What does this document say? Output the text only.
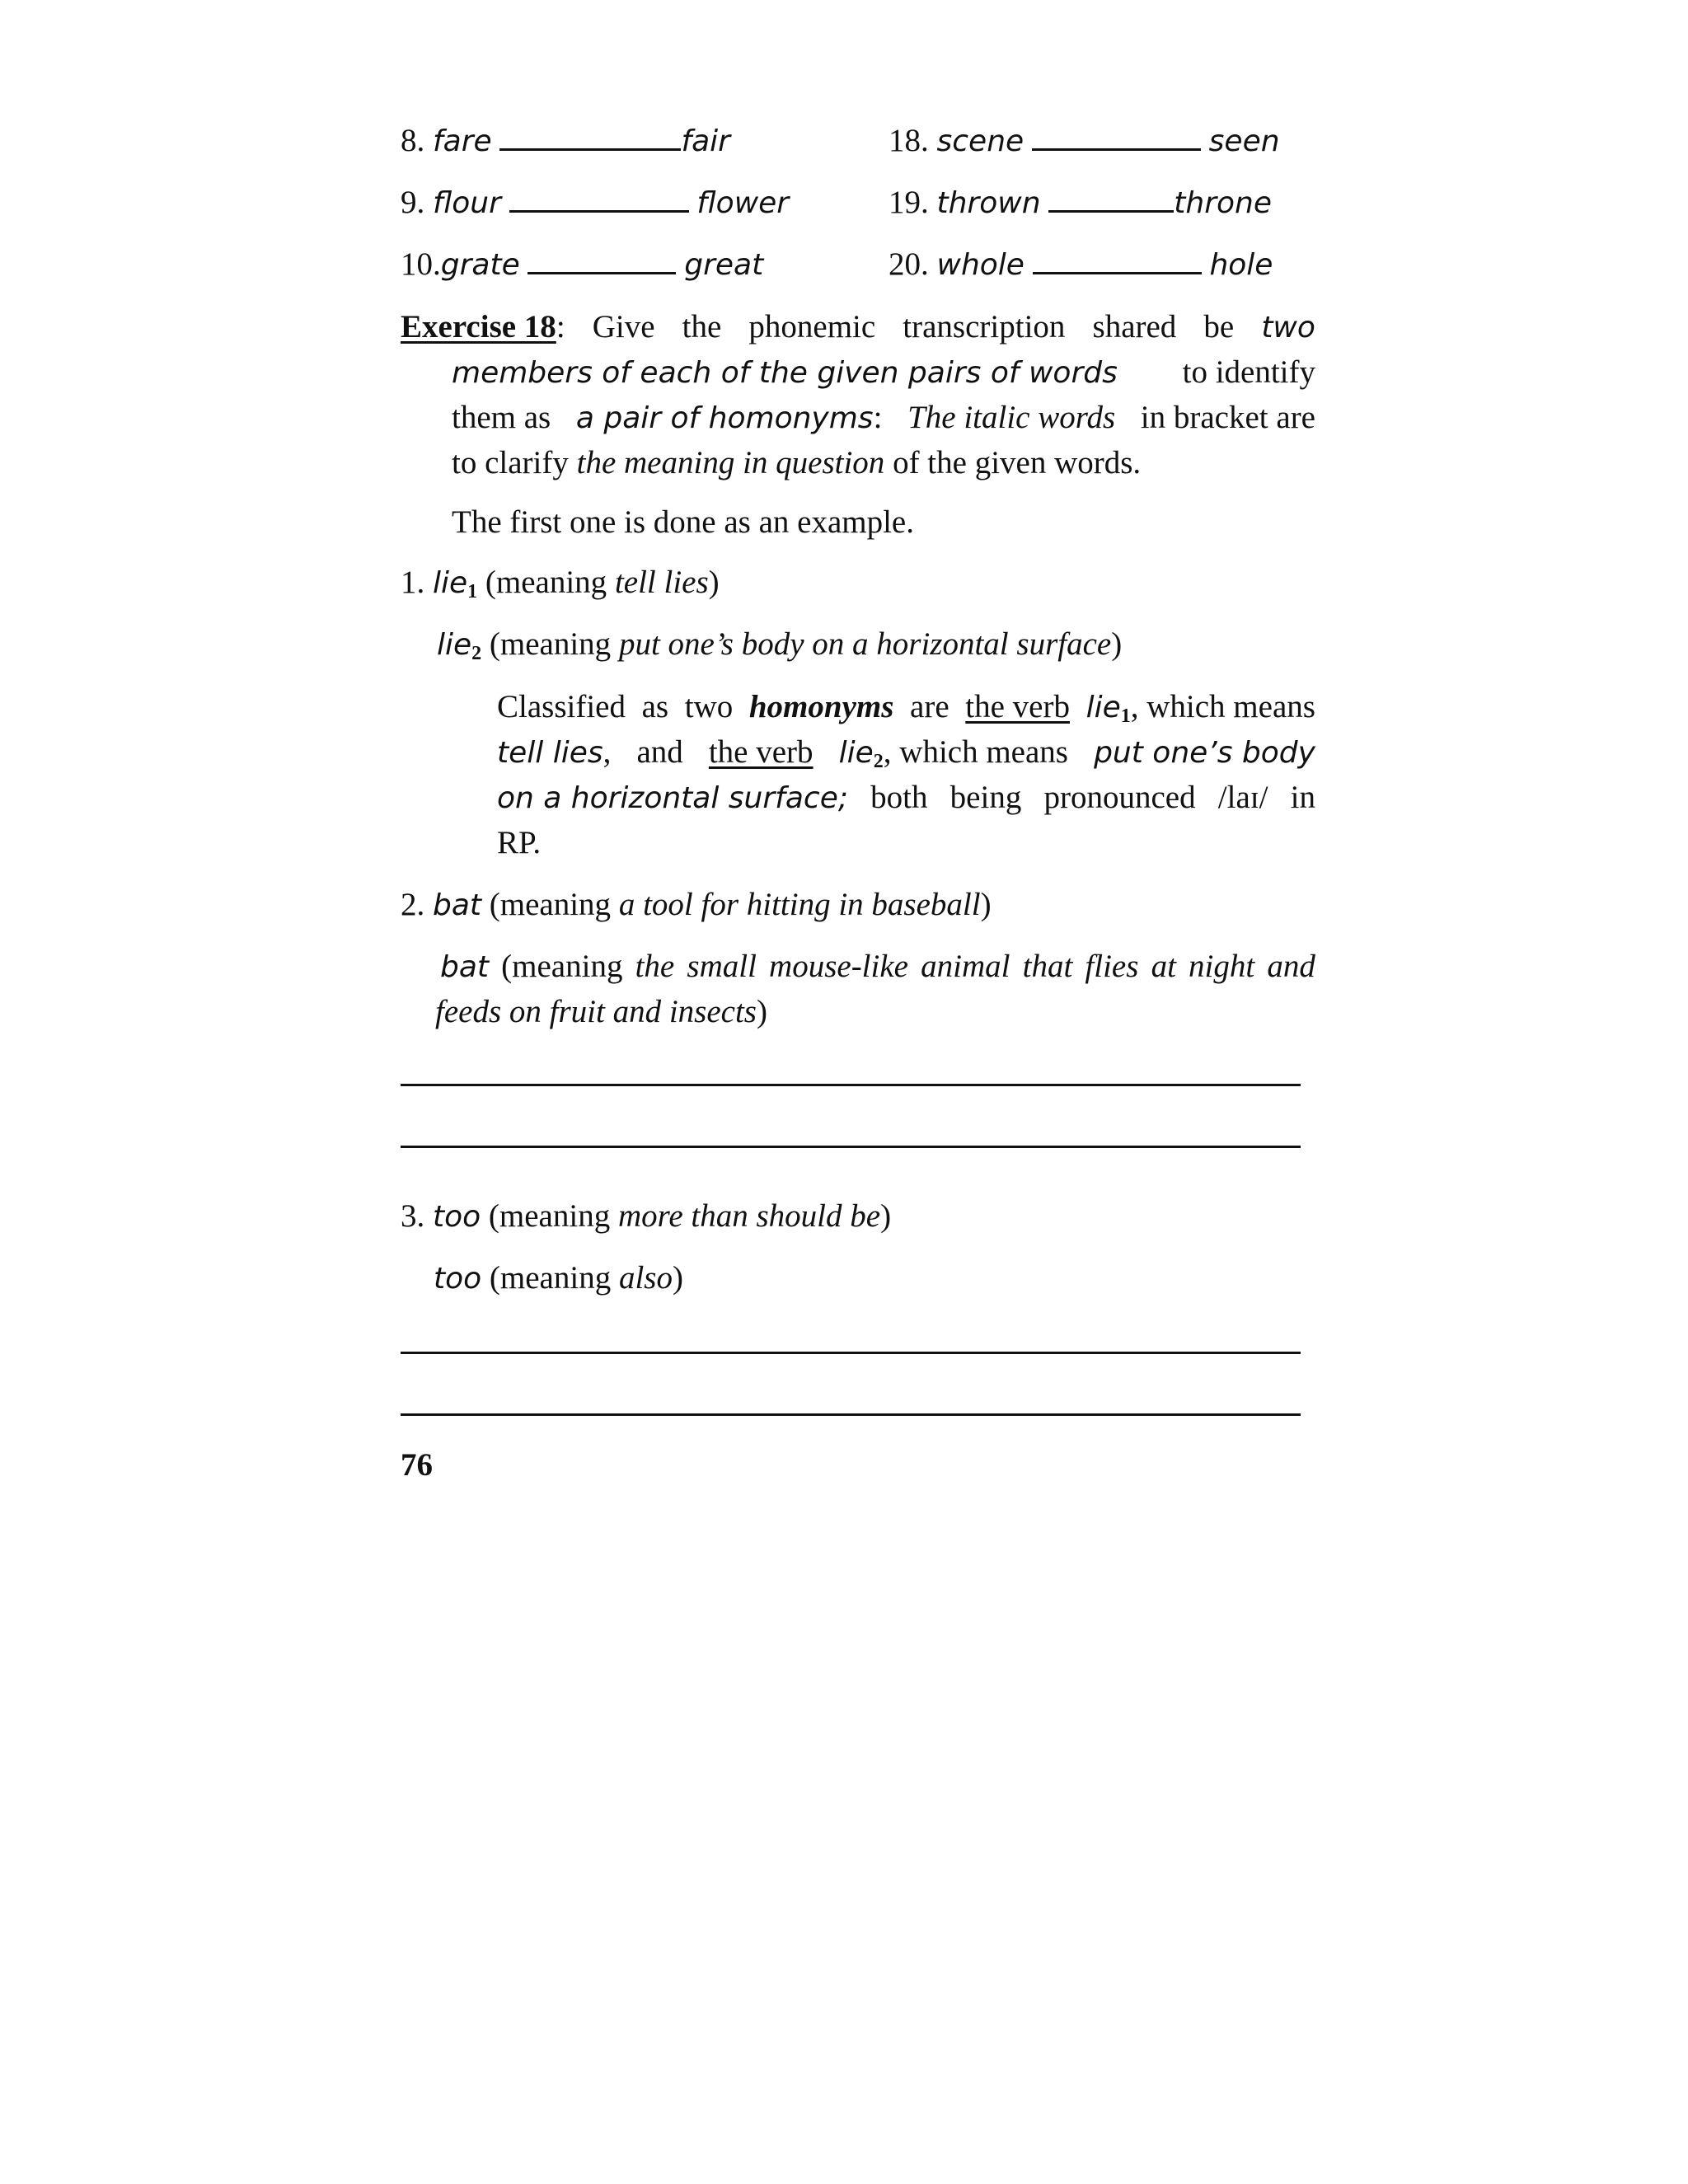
8. fare	fair
9. flour	flower
10.grate	great
18. scene	seen
19. thrown	throne
20. whole	hole
Exercise 18: Give the phonemic transcription shared be two
members of each of the given pairs of words to identify
them as a pair of homonyms: The italic words in bracket are
to clarify the meaning in question of the given words.
The first one is done as an example.
1. lie$_1$ (meaning tell lies)
lie$_2$ (meaning put one’s body on a horizontal surface)
Classified as two homonyms are the verb lie$_1$, which means
tell lies, and the verb lie$_2$, which means put one’s body
on a horizontal surface; both being pronounced /laɪ/ in
RP.
2. bat (meaning a tool for hitting in baseball)
bat (meaning the small mouse-like animal that flies at night and
feeds on fruit and insects)
3. too (meaning more than should be)
too (meaning also)
76
